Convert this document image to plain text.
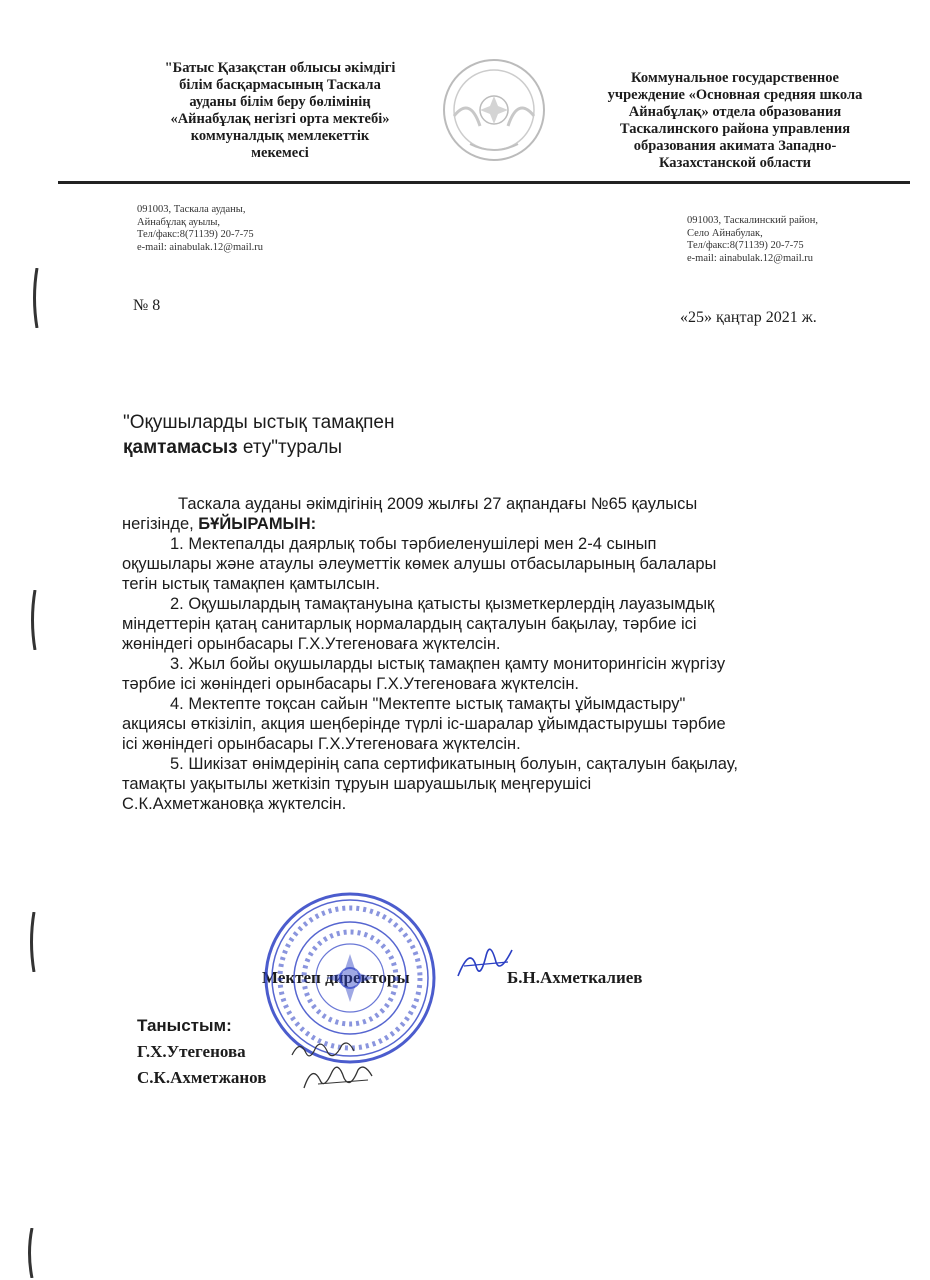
"Батыс Қазақстан облысы әкімдігі
білім басқармасының Таскала
ауданы білім беру бөлімінің
«Айнабұлақ негізгі орта мектебі»
коммуналдық мемлекеттік
мекемесі
Коммунальное государственное
учреждение «Основная средняя школа
Айнабұлақ» отдела образования
Таскалинского района управления
образования акимата Западно-
Казахстанской области
091003, Таскала ауданы,
Айнабұлақ ауылы,
Тел/факс:8(71139) 20-7-75
e-mail: ainabulak.12@mail.ru
091003, Таскалинский район,
Село Айнабулак,
Тел/факс:8(71139) 20-7-75
e-mail: ainabulak.12@mail.ru
№ 8
«25» қаңтар 2021 ж.
"Оқушыларды ыстық тамақпен
қамтамасыз ету"туралы

Таскала ауданы әкімдігінің 2009 жылғы 27 ақпандағы №65 қаулысы

негізінде, БҰЙЫРАМЫН:

1. Мектепалды даярлық тобы тәрбиеленушілері мен 2-4 сынып

оқушылары және атаулы әлеуметтік көмек алушы отбасыларының балалары

тегін ыстық тамақпен қамтылсын.

2. Оқушылардың тамақтануына қатысты қызметкерлердің лауазымдық

міндеттерін қатаң санитарлық нормалардың сақталуын бақылау, тәрбие ісі

жөніндегі орынбасары Г.Х.Утегеноваға жүктелсін.

3. Жыл бойы оқушыларды ыстық тамақпен қамту мониторингісін жүргізу

тәрбие ісі жөніндегі орынбасары Г.Х.Утегеноваға жүктелсін.

4. Мектепте тоқсан сайын "Мектепте ыстық тамақты ұйымдастыру"

акциясы өткізіліп, акция шеңберінде түрлі іс-шаралар ұйымдастырушы тәрбие

ісі жөніндегі орынбасары Г.Х.Утегеноваға жүктелсін.

5. Шикізат өнімдерінің сапа сертификатының болуын, сақталуын бақылау,

тамақты уақытылы жеткізіп тұруын шаруашылық меңгерушісі

С.К.Ахметжановқа жүктелсін.

Мектеп директоры	Б.Н.Ахметкалиев
Таныстым:
Г.Х.Утегенова
С.К.Ахметжанов
